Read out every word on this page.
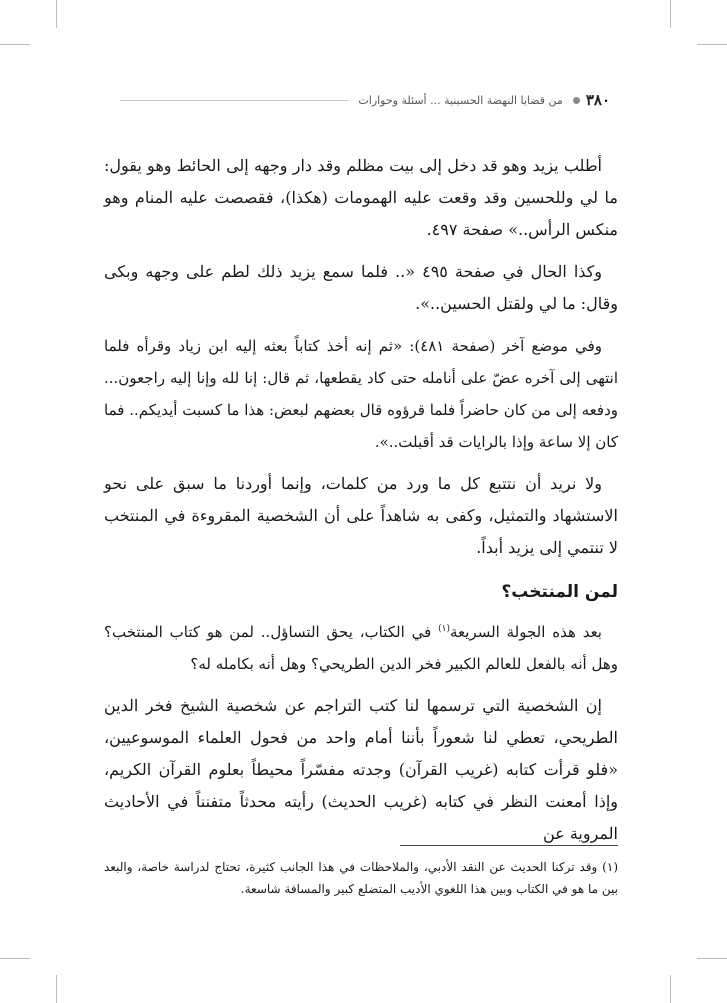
٣٨٠
من قضايا النهضة الحسينية ... أسئلة وحوارات

أطلب يزيد وهو قد دخل إلى بيت مظلم وقد دار وجهه إلى الحائط وهو يقول: ما لي وللحسين وقد وقعت عليه الهمومات (هكذا)، فقصصت عليه المنام وهو منكس الرأس..» صفحة ٤٩٧.

وكذا الحال في صفحة ٤٩٥ «.. فلما سمع يزيد ذلك لطم على وجهه وبكى وقال: ما لي ولقتل الحسين..».

وفي موضع آخر (صفحة ٤٨١): «ثم إنه أخذ كتاباً بعثه إليه ابن زياد وقرأه فلما انتهى إلى آخره عضّ على أنامله حتى كاد يقطعها، ثم قال: إنا لله وإنا إليه راجعون... ودفعه إلى من كان حاضراً فلما قرؤوه قال بعضهم لبعض: هذا ما كسبت أيديكم.. فما كان إلا ساعة وإذا بالرايات قد أقبلت..».

ولا نريد أن نتتبع كل ما ورد من كلمات، وإنما أوردنا ما سبق على نحو الاستشهاد والتمثيل، وكفى به شاهداً على أن الشخصية المقروءة في المنتخب لا تنتمي إلى يزيد أبداً.

لمن المنتخب؟

بعد هذه الجولة السريعة$^{(١)}$ في الكتاب، يحق التساؤل.. لمن هو كتاب المنتخب؟ وهل أنه بالفعل للعالم الكبير فخر الدين الطريحي؟ وهل أنه بكامله له؟

إن الشخصية التي ترسمها لنا كتب التراجم عن شخصية الشيخ فخر الدين الطريحي، تعطي لنا شعوراً بأننا أمام واحد من فحول العلماء الموسوعيين، «فلو قرأت كتابه (غريب القرآن) وجدته مفسّراً محيطاً بعلوم القرآن الكريم، وإذا أمعنت النظر في كتابه (غريب الحديث) رأيته محدثاً متفنناً في الأحاديث المروية عن

(١) وقد تركنا الحديث عن النقد الأدبي، والملاحظات في هذا الجانب كثيرة، تحتاج لدراسة خاصة، والبعد بين ما هو في الكتاب وبين هذا اللغوي الأديب المتضلع كبير والمسافة شاسعة.
